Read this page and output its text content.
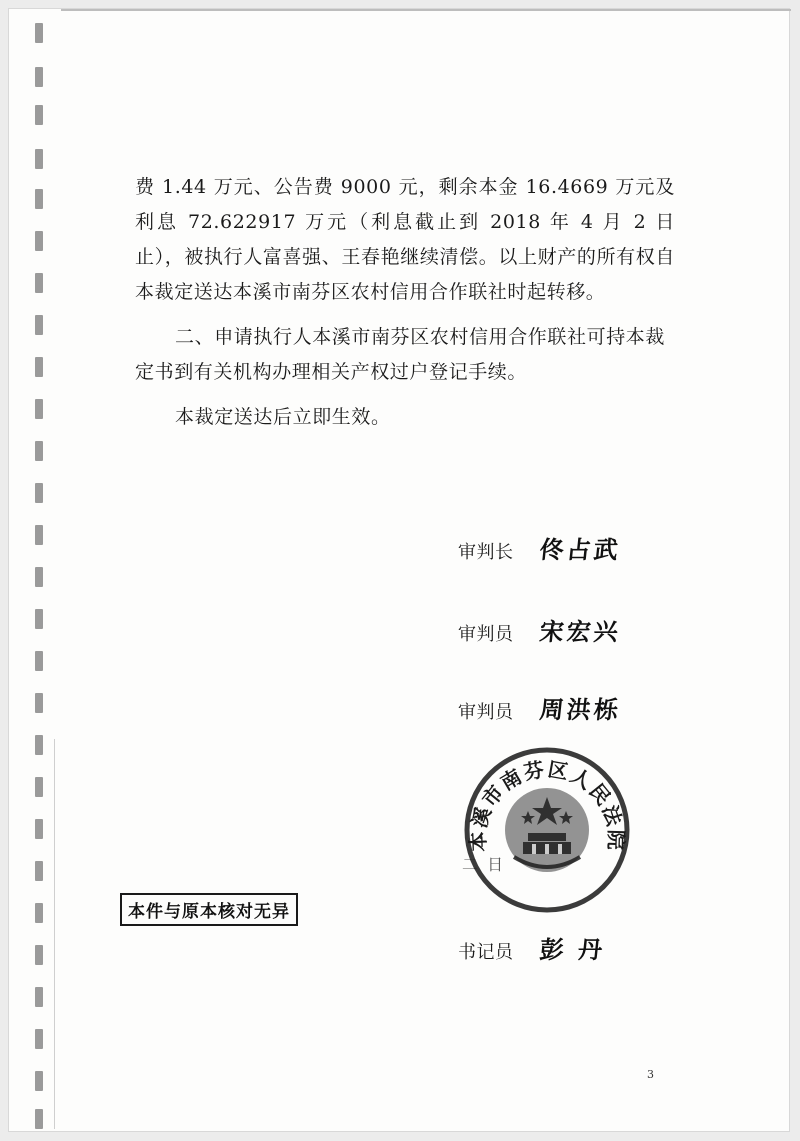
费 1.44 万元、公告费 9000 元，剩余本金 16.4669 万元及利息 72.622917 万元（利息截止到 2018 年 4 月 2 日止），被执行人富喜强、王春艳继续清偿。以上财产的所有权自本裁定送达本溪市南芬区农村信用合作联社时起转移。

二、申请执行人本溪市南芬区农村信用合作联社可持本裁定书到有关机构办理相关产权过户登记手续。

本裁定送达后立即生效。

审判长	佟占武
审判员	宋宏兴
审判员	周洪栎
二 日
本溪市南芬区人民法院
书记员	彭 丹
本件与原本核对无异
3
